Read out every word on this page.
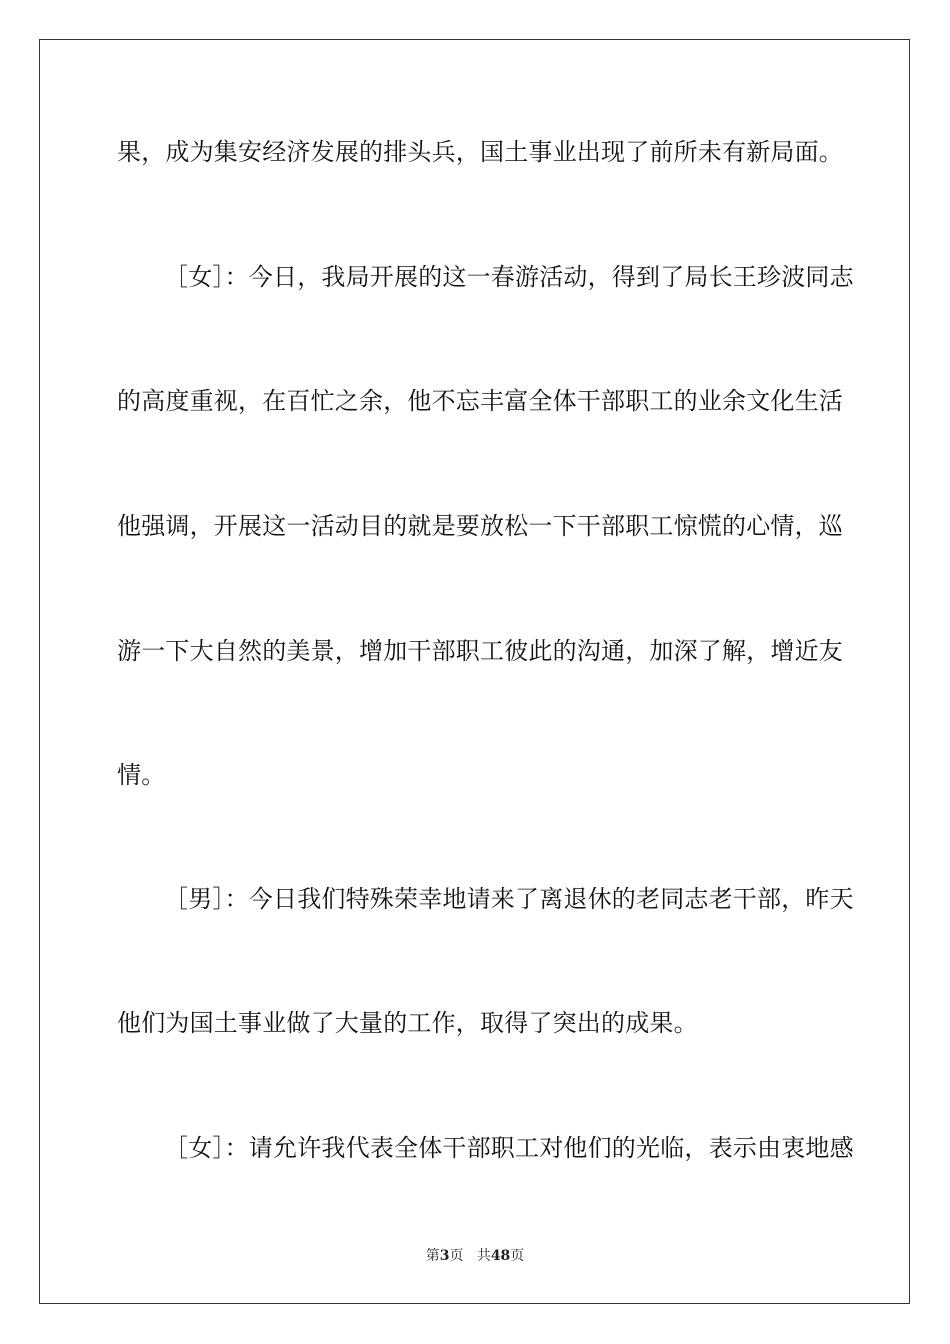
果，成为集安经济发展的排头兵，国土事业出现了前所未有新局面。
［女］：今日，我局开展的这一春游活动，得到了局长王珍波同志
的高度重视，在百忙之余，他不忘丰富全体干部职工的业余文化生活
他强调，开展这一活动目的就是要放松一下干部职工惊慌的心情，巡
游一下大自然的美景，增加干部职工彼此的沟通，加深了解，增近友
情。
［男］：今日我们特殊荣幸地请来了离退休的老同志老干部，昨天
他们为国土事业做了大量的工作，取得了突出的成果。
［女］：请允许我代表全体干部职工对他们的光临，表示由衷地感
第3页 共48页
